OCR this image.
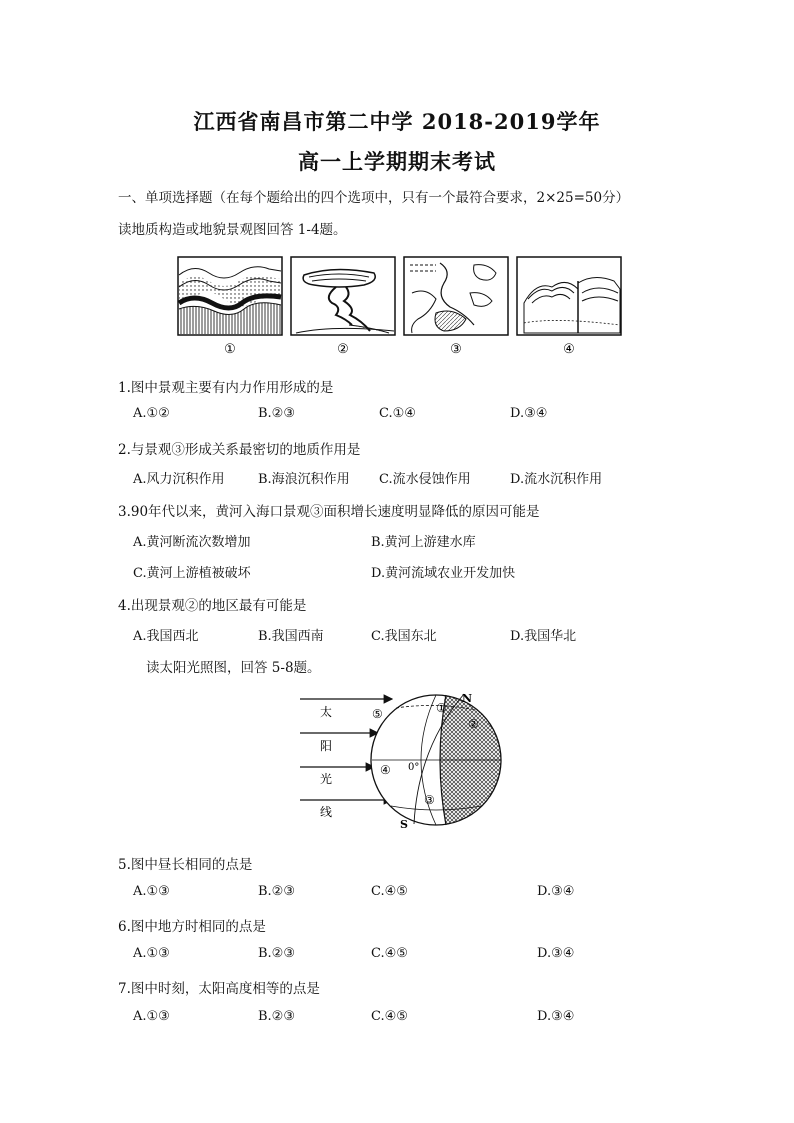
江西省南昌市第二中学 2018-2019学年
高一上学期期末考试
一、单项选择题（在每个题给出的四个选项中，只有一个最符合要求，2×25=50分）
读地质构造或地貌景观图回答 1-4题。
①	②	③	④
1.图中景观主要有内力作用形成的是
A.①②	B.②③	C.①④	D.③④
2.与景观③形成关系最密切的地质作用是
A.风力沉积作用	B.海浪沉积作用 C.流水侵蚀作用	D.流水沉积作用
3.90年代以来，黄河入海口景观③面积增长速度明显降低的原因可能是
A.黄河断流次数增加	B.黄河上游建水库
C.黄河上游植被破坏	D.黄河流域农业开发加快
4.出现景观②的地区最有可能是
A.我国西北	B.我国西南	C.我国东北	D.我国华北
读太阳光照图，回答 5-8题。
太
阳
光
线
N
S
0°
①
②
③
④
⑤
5.图中昼长相同的点是
A.①③	B.②③	C.④⑤	D.③④
6.图中地方时相同的点是
A.①③	B.②③	C.④⑤	D.③④
7.图中时刻，太阳高度相等的点是
A.①③	B.②③	C.④⑤	D.③④
